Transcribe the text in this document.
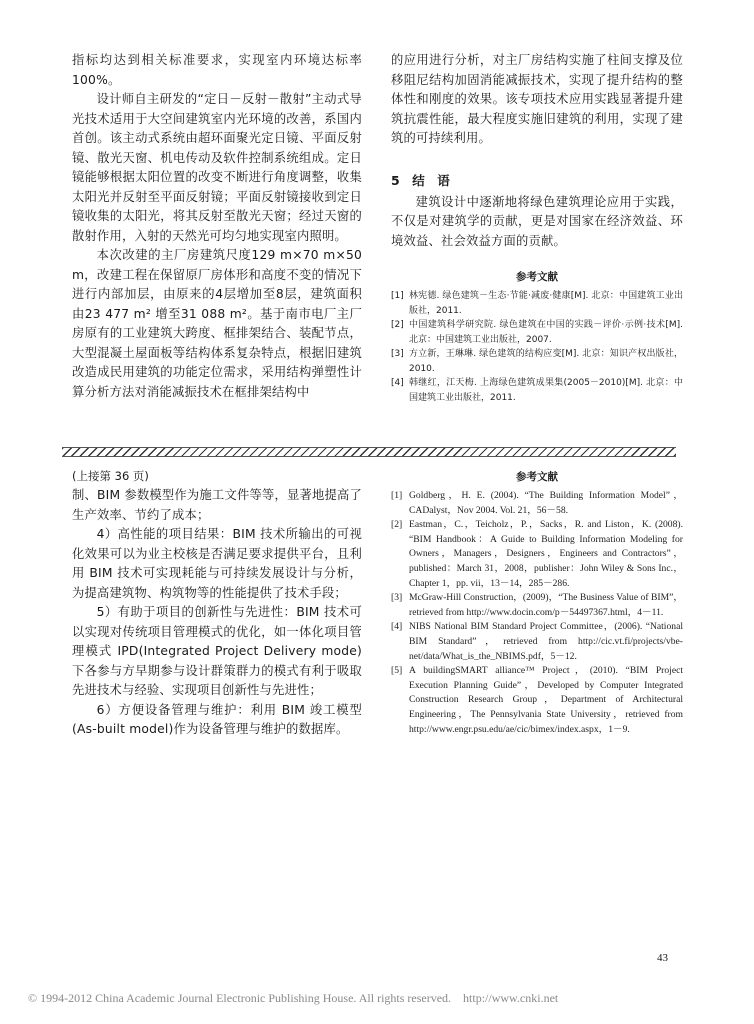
指标均达到相关标准要求，实现室内环境达标率100%。

设计师自主研发的“定日－反射－散射”主动式导光技术适用于大空间建筑室内光环境的改善，系国内首创。该主动式系统由超环面聚光定日镜、平面反射镜、散光天窗、机电传动及软件控制系统组成。定日镜能够根据太阳位置的改变不断进行角度调整，收集太阳光并反射至平面反射镜；平面反射镜接收到定日镜收集的太阳光，将其反射至散光天窗；经过天窗的散射作用，入射的天然光可均匀地实现室内照明。

本次改建的主厂房建筑尺度129 m×70 m×50 m，改建工程在保留原厂房体形和高度不变的情况下进行内部加层，由原来的4层增加至8层，建筑面积由23 477 m² 增至31 088 m²。基于南市电厂主厂房原有的工业建筑大跨度、框排架结合、装配节点，大型混凝土屋面板等结构体系复杂特点，根据旧建筑改造成民用建筑的功能定位需求，采用结构弹塑性计算分析方法对消能减振技术在框排架结构中

的应用进行分析，对主厂房结构实施了柱间支撑及位移阻尼结构加固消能减振技术，实现了提升结构的整体性和刚度的效果。该专项技术应用实践显著提升建筑抗震性能，最大程度实施旧建筑的利用，实现了建筑的可持续利用。

5　结　语

建筑设计中逐渐地将绿色建筑理论应用于实践，不仅是对建筑学的贡献，更是对国家在经济效益、环境效益、社会效益方面的贡献。

参考文献

[1] 林宪德. 绿色建筑－生态·节能·减废·健康[M]. 北京：中国建筑工业出版社，2011.
[2] 中国建筑科学研究院. 绿色建筑在中国的实践－评价·示例·技术[M]. 北京：中国建筑工业出版社，2007.
[3] 方立新，王琳琳. 绿色建筑的结构应变[M]. 北京：知识产权出版社，2010.
[4] 韩继红，江天梅. 上海绿色建筑成果集(2005－2010)[M]. 北京：中国建筑工业出版社，2011.

(上接第 36 页)

制、BIM 参数模型作为施工文件等等，显著地提高了生产效率、节约了成本；

4）高性能的项目结果：BIM 技术所输出的可视化效果可以为业主校核是否满足要求提供平台，且利用 BIM 技术可实现耗能与可持续发展设计与分析，为提高建筑物、构筑物等的性能提供了技术手段；

5）有助于项目的创新性与先进性：BIM 技术可以实现对传统项目管理模式的优化，如一体化项目管理模式 IPD(Integrated Project Delivery mode)下各参与方早期参与设计群策群力的模式有利于吸取先进技术与经验、实现项目创新性与先进性；

6）方便设备管理与维护：利用 BIM 竣工模型(As-built model)作为设备管理与维护的数据库。

参考文献

[1] Goldberg，H. E. (2004). “The Building Information Model”，CADalyst，Nov 2004. Vol. 21，56－58.
[2] Eastman，C.，Teicholz，P.，Sacks，R. and Liston，K. (2008). “BIM Handbook：A Guide to Building Information Modeling for Owners，Managers，Designers，Engineers and Contractors”，published：March 31，2008，publisher：John Wiley & Sons Inc.，Chapter 1，pp. vii，13－14，285－286.
[3] McGraw-Hill Construction，(2009)，“The Business Value of BIM”，retrieved from http://www.docin.com/p－54497367.html，4－11.
[4] NIBS National BIM Standard Project Committee，(2006). “National BIM Standard”，retrieved from http://cic.vt.fi/projects/vbe-net/data/What_is_the_NBIMS.pdf，5－12.
[5] A buildingSMART alliance™ Project，(2010). “BIM Project Execution Planning Guide”，Developed by Computer Integrated Construction Research Group，Department of Architectural Engineering，The Pennsylvania State University，retrieved from http://www.engr.psu.edu/ae/cic/bimex/index.aspx，1－9.
43
© 1994-2012 China Academic Journal Electronic Publishing House. All rights reserved.　http://www.cnki.net
